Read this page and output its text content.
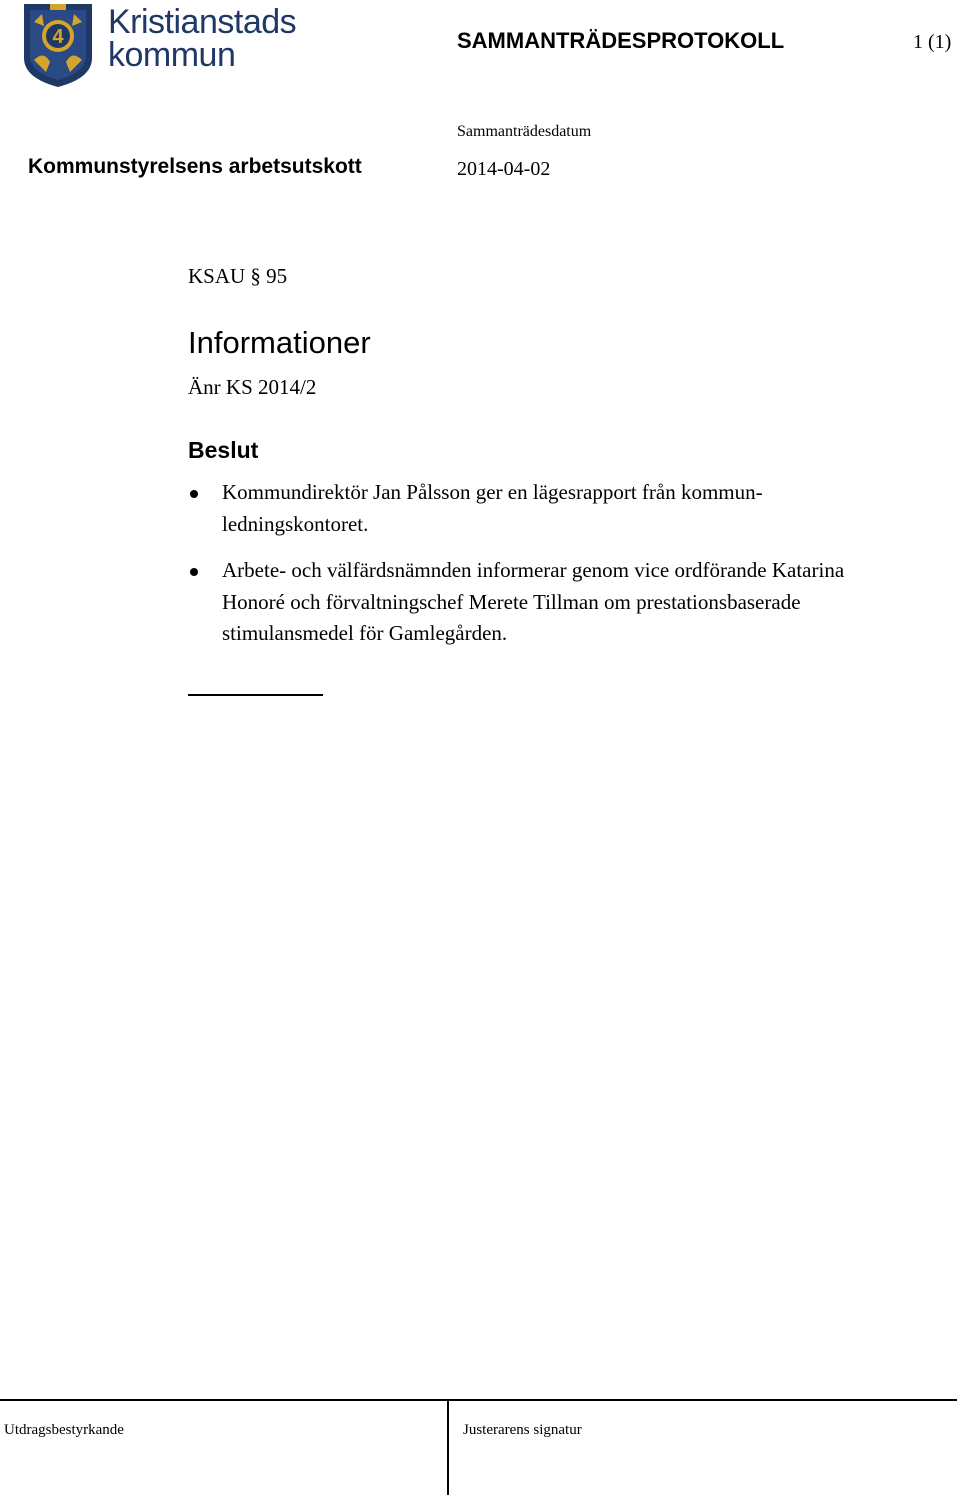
4 Kristianstads
kommun	SAMMANTRÄDESPROTOKOLL	1 (1)
Sammanträdesdatum
Kommunstyrelsens arbetsutskott	2014-04-02
KSAU § 95
Informationer
Änr KS 2014/2
Beslut
Kommundirektör Jan Pålsson ger en lägesrapport från kommun-ledningskontoret.
Arbete- och välfärdsnämnden informerar genom vice ordförande Katarina Honoré och förvaltningschef Merete Tillman om prestationsbaserade stimulansmedel för Gamlegården.
Utdragsbestyrkande	Justerarens signatur
